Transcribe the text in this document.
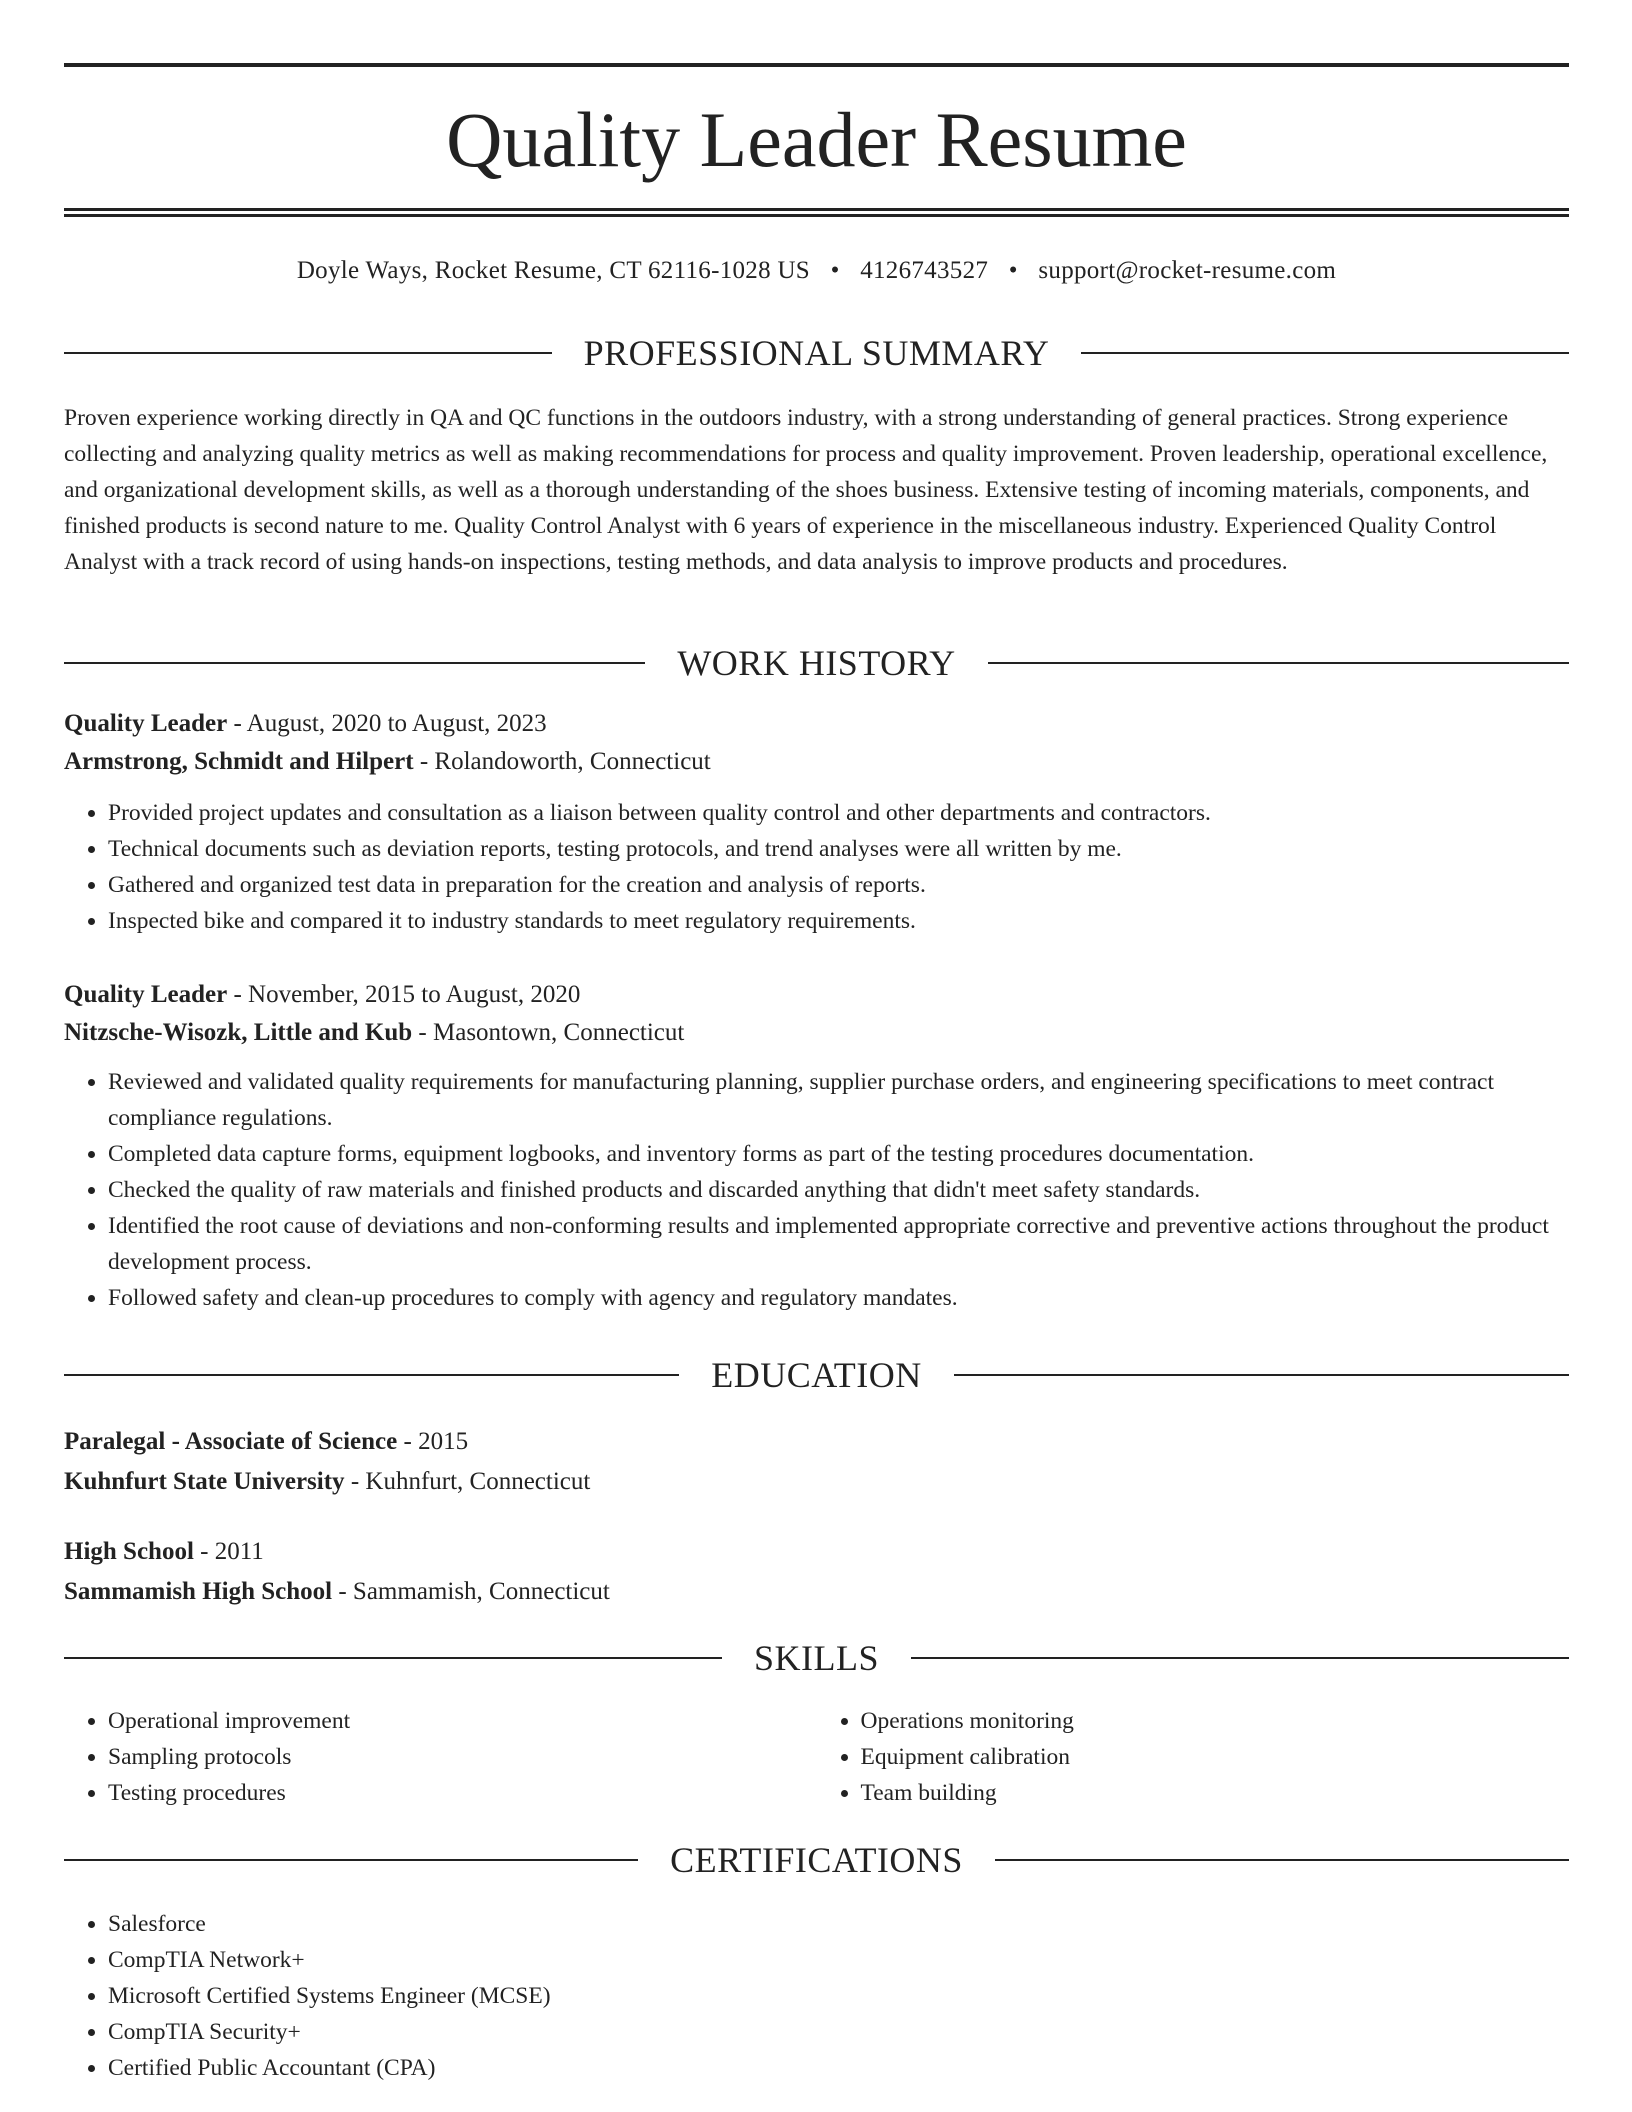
Quality Leader Resume
Doyle Ways, Rocket Resume, CT 62116-1028 US • 4126743527 • support@rocket-resume.com
PROFESSIONAL SUMMARY
Proven experience working directly in QA and QC functions in the outdoors industry, with a strong understanding of general practices. Strong experience collecting and analyzing quality metrics as well as making recommendations for process and quality improvement. Proven leadership, operational excellence, and organizational development skills, as well as a thorough understanding of the shoes business. Extensive testing of incoming materials, components, and finished products is second nature to me. Quality Control Analyst with 6 years of experience in the miscellaneous industry. Experienced Quality Control Analyst with a track record of using hands-on inspections, testing methods, and data analysis to improve products and procedures.
WORK HISTORY
Quality Leader - August, 2020 to August, 2023
Armstrong, Schmidt and Hilpert - Rolandoworth, Connecticut
• Provided project updates and consultation as a liaison between quality control and other departments and contractors.
• Technical documents such as deviation reports, testing protocols, and trend analyses were all written by me.
• Gathered and organized test data in preparation for the creation and analysis of reports.
• Inspected bike and compared it to industry standards to meet regulatory requirements.
Quality Leader - November, 2015 to August, 2020
Nitzsche-Wisozk, Little and Kub - Masontown, Connecticut
• Reviewed and validated quality requirements for manufacturing planning, supplier purchase orders, and engineering specifications to meet contract compliance regulations.
• Completed data capture forms, equipment logbooks, and inventory forms as part of the testing procedures documentation.
• Checked the quality of raw materials and finished products and discarded anything that didn't meet safety standards.
• Identified the root cause of deviations and non-conforming results and implemented appropriate corrective and preventive actions throughout the product development process.
• Followed safety and clean-up procedures to comply with agency and regulatory mandates.
EDUCATION
Paralegal - Associate of Science - 2015
Kuhnfurt State University - Kuhnfurt, Connecticut
High School - 2011
Sammamish High School - Sammamish, Connecticut
SKILLS
• Operational improvement
• Sampling protocols
• Testing procedures
• Operations monitoring
• Equipment calibration
• Team building
CERTIFICATIONS
• Salesforce
• CompTIA Network+
• Microsoft Certified Systems Engineer (MCSE)
• CompTIA Security+
• Certified Public Accountant (CPA)
